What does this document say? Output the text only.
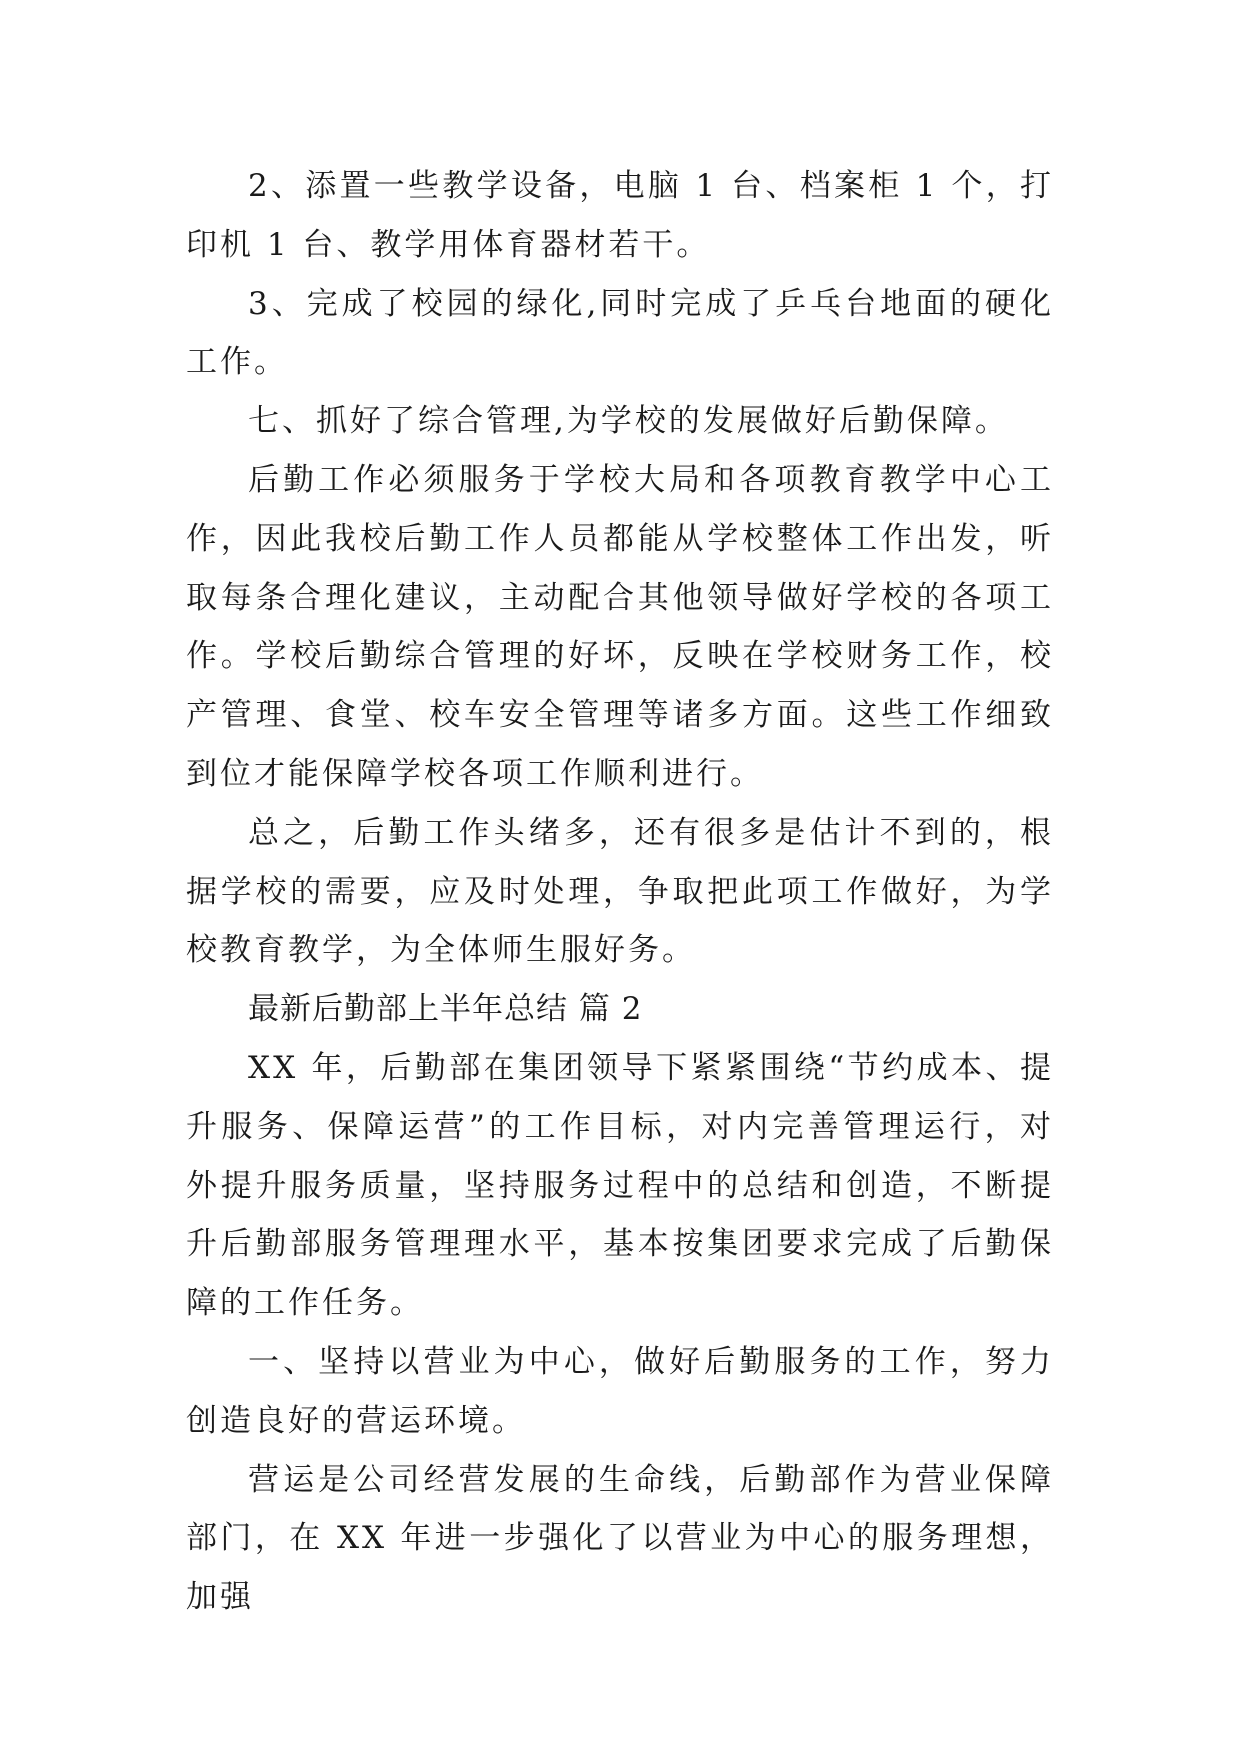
2、添置一些教学设备，电脑 1 台、档案柜 1 个，打印机 1 台、教学用体育器材若干。

3、完成了校园的绿化,同时完成了乒乓台地面的硬化工作。

七、抓好了综合管理,为学校的发展做好后勤保障。

后勤工作必须服务于学校大局和各项教育教学中心工作，因此我校后勤工作人员都能从学校整体工作出发，听取每条合理化建议，主动配合其他领导做好学校的各项工作。学校后勤综合管理的好坏，反映在学校财务工作，校产管理、食堂、校车安全管理等诸多方面。这些工作细致到位才能保障学校各项工作顺利进行。

总之，后勤工作头绪多，还有很多是估计不到的，根据学校的需要，应及时处理，争取把此项工作做好，为学校教育教学，为全体师生服好务。

最新后勤部上半年总结 篇 2

XX 年，后勤部在集团领导下紧紧围绕“节约成本、提升服务、保障运营”的工作目标，对内完善管理运行，对外提升服务质量，坚持服务过程中的总结和创造，不断提升后勤部服务管理理水平，基本按集团要求完成了后勤保障的工作任务。

一、坚持以营业为中心，做好后勤服务的工作，努力创造良好的营运环境。

营运是公司经营发展的生命线，后勤部作为营业保障部门，在 XX 年进一步强化了以营业为中心的服务理想，加强
